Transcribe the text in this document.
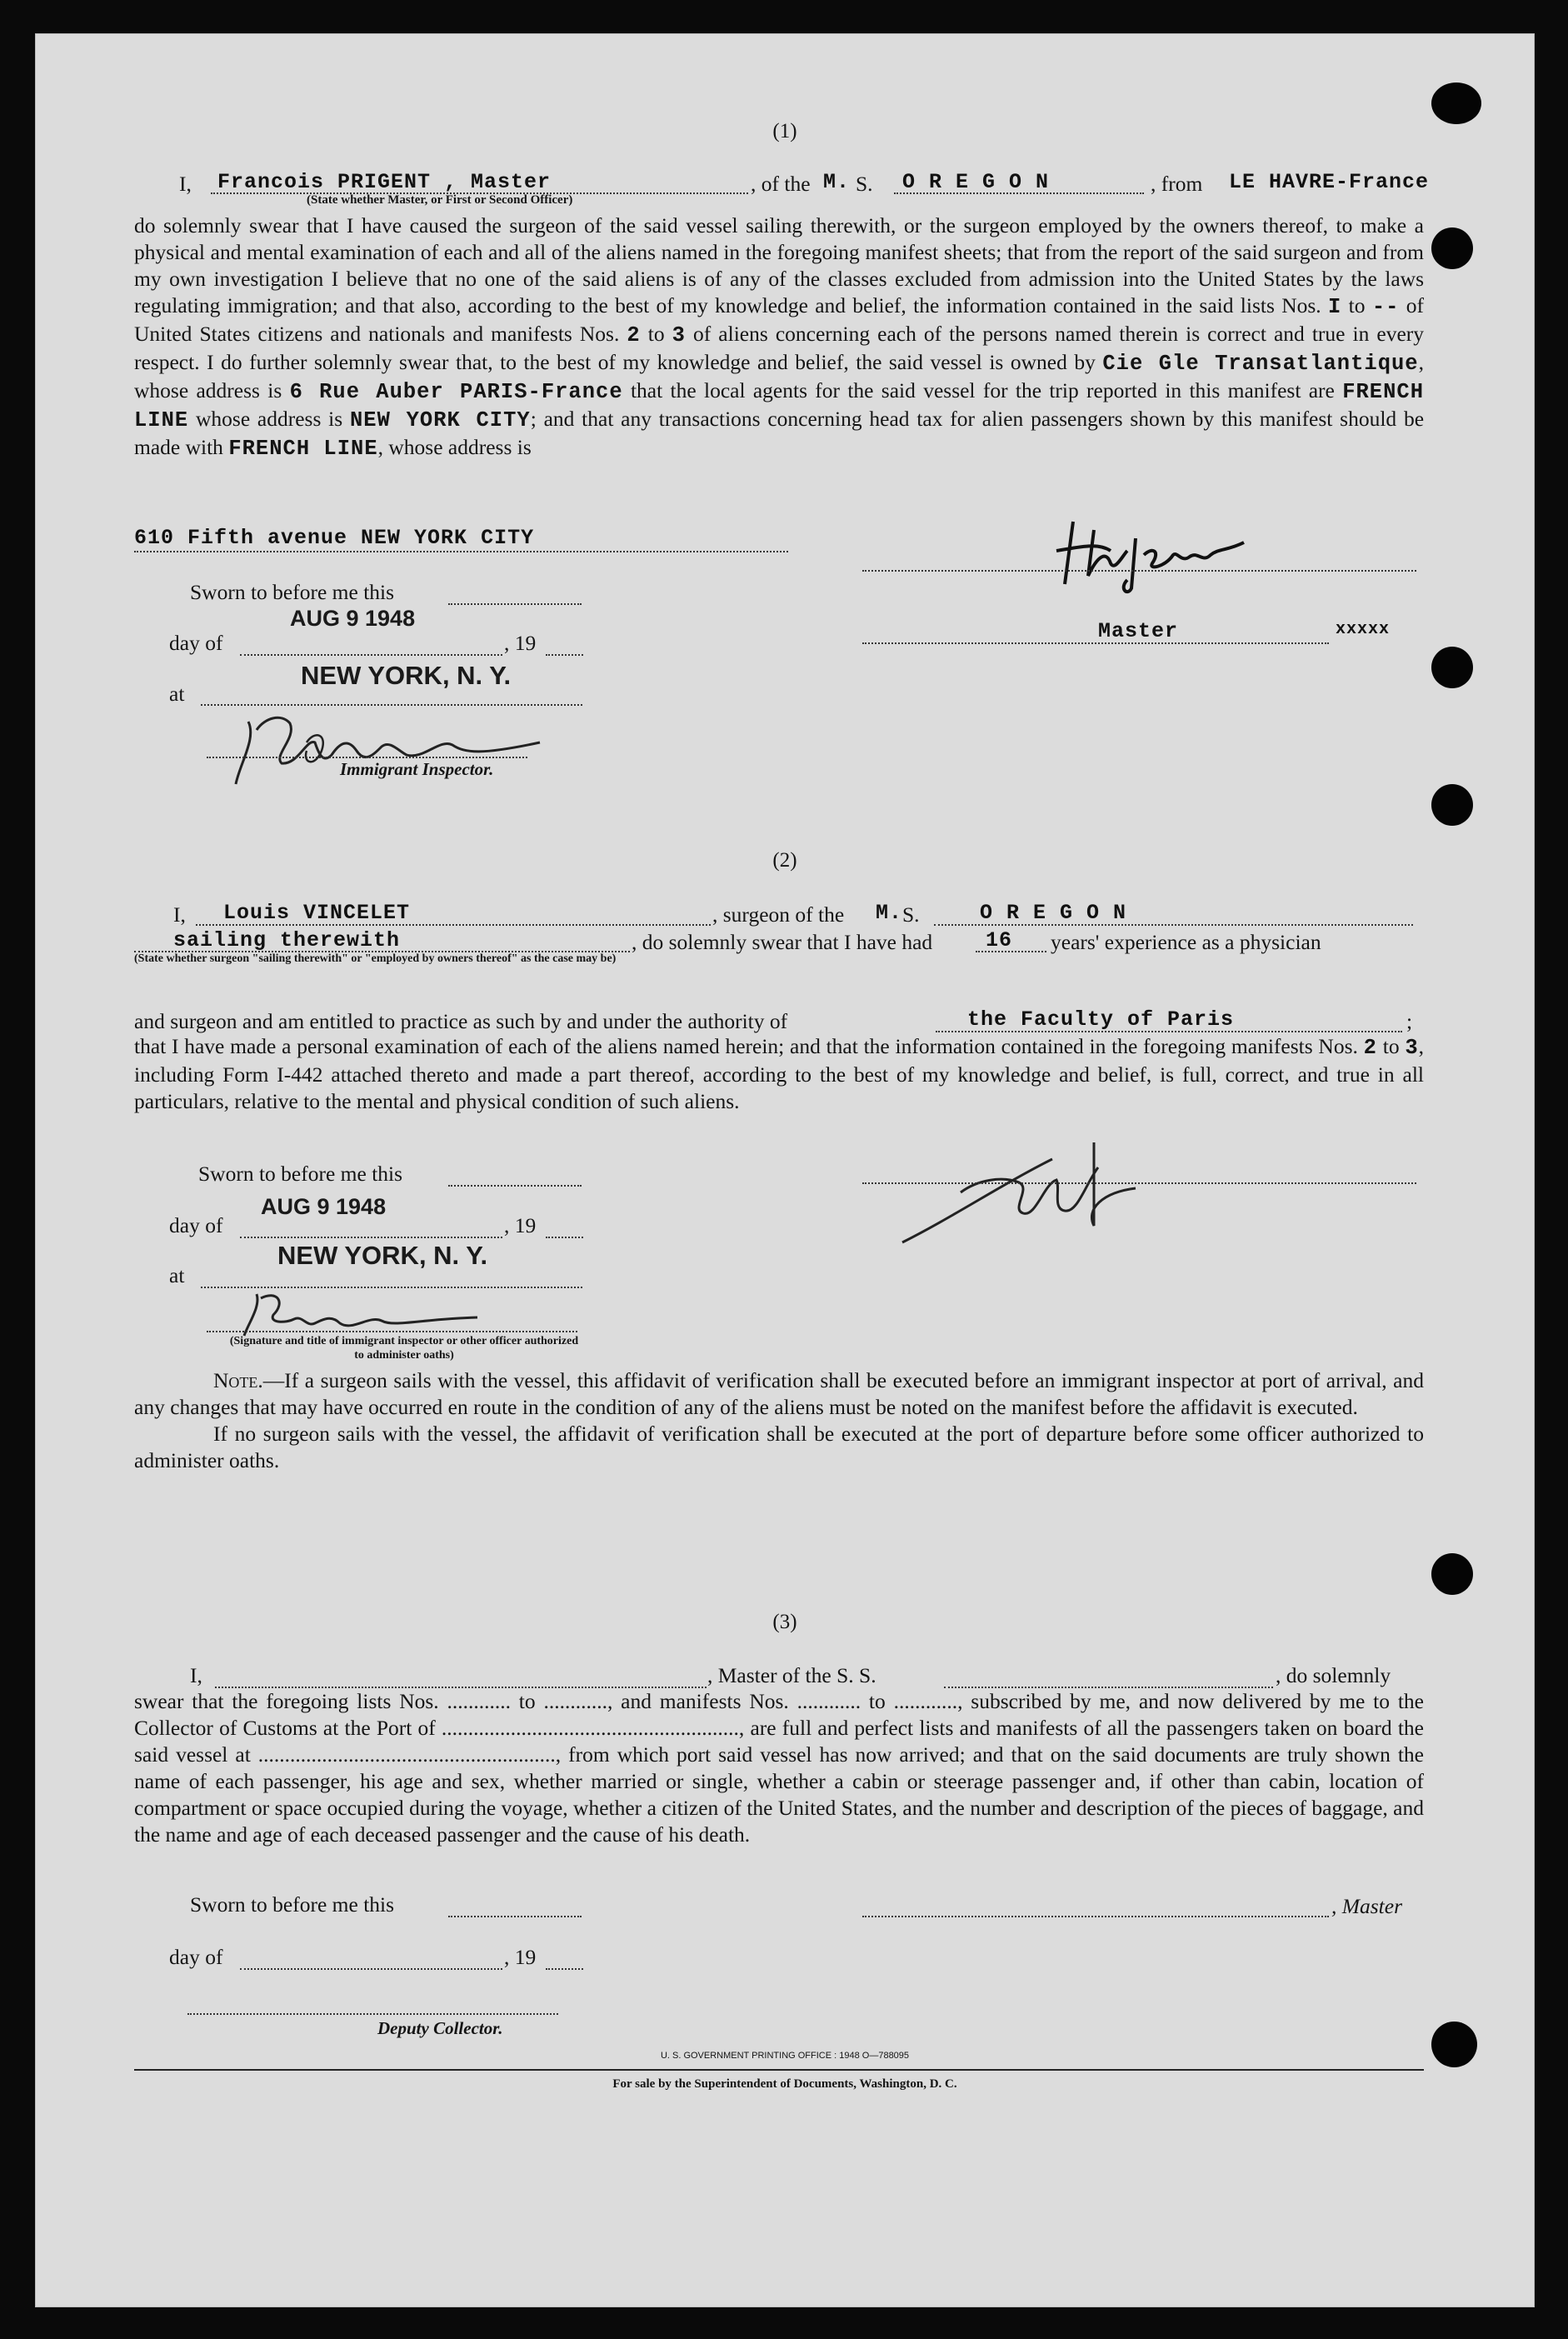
(1)
I, Francois PRIGENT , Master	, of the M. S. O R E G O N	, from LE HAVRE-France
(State whether Master, or First or Second Officer)

do solemnly swear that I have caused the surgeon of the said vessel sailing therewith, or the surgeon employed by the owners thereof, to make a physical and mental examination of each and all of the aliens named in the foregoing manifest sheets; that from the report of the said surgeon and from my own investigation I believe that no one of the said aliens is of any of the classes excluded from admission into the United States by the laws regulating immigration; and that also, according to the best of my knowledge and belief, the information contained in the said lists Nos. I to -- of United States citizens and nationals and manifests Nos. 2 to 3 of aliens concerning each of the persons named therein is correct and true in every respect. I do further solemnly swear that, to the best of my knowledge and belief, the said vessel is owned by Cie Gle Transatlantique, whose address is 6 Rue Auber PARIS-France that the local agents for the said vessel for the trip reported in this manifest are FRENCH LINE whose address is NEW YORK CITY; and that any transactions concerning head tax for alien passengers shown by this manifest should be made with FRENCH LINE, whose address is

610 Fifth avenue NEW YORK CITY
Sworn to before me this
day of
AUG 9 1948
, 19
at
NEW YORK, N. Y.
Immigrant Inspector.
Master	xxxxx
(2)
I, Louis VINCELET	, surgeon of the M. S.	O R E G O N
sailing therewith	, do solemnly swear that I have had	16 years' experience as a physician
(State whether surgeon "sailing therewith" or "employed by owners thereof" as the case may be)
and surgeon and am entitled to practice as such by and under the authority of	the Faculty of Paris	;

that I have made a personal examination of each of the aliens named herein; and that the information contained in the foregoing manifests Nos. 2 to 3, including Form I-442 attached thereto and made a part thereof, according to the best of my knowledge and belief, is full, correct, and true in all particulars, relative to the mental and physical condition of such aliens.

Sworn to before me this
day of
AUG 9 1948
, 19
at
NEW YORK, N. Y.
(Signature and title of immigrant inspector or other officer authorized to administer oaths)

Note.—If a surgeon sails with the vessel, this affidavit of verification shall be executed before an immigrant inspector at port of arrival, and any changes that may have occurred en route in the condition of any of the aliens must be noted on the manifest before the affidavit is executed.

If no surgeon sails with the vessel, the affidavit of verification shall be executed at the port of departure before some officer authorized to administer oaths.

(3)
I,	, Master of the S. S.	, do solemnly

swear that the foregoing lists Nos. ............ to ............, and manifests Nos. ............ to ............, subscribed by me, and now delivered by me to the Collector of Customs at the Port of ........................................................, are full and perfect lists and manifests of all the passengers taken on board the said vessel at ........................................................, from which port said vessel has now arrived; and that on the said documents are truly shown the name of each passenger, his age and sex, whether married or single, whether a cabin or steerage passenger and, if other than cabin, location of compartment or space occupied during the voyage, whether a citizen of the United States, and the number and description of the pieces of baggage, and the name and age of each deceased passenger and the cause of his death.

Sworn to before me this	, Master
day of	, 19
Deputy Collector.
U. S. GOVERNMENT PRINTING OFFICE : 1948 O—788095
For sale by the Superintendent of Documents, Washington, D. C.
